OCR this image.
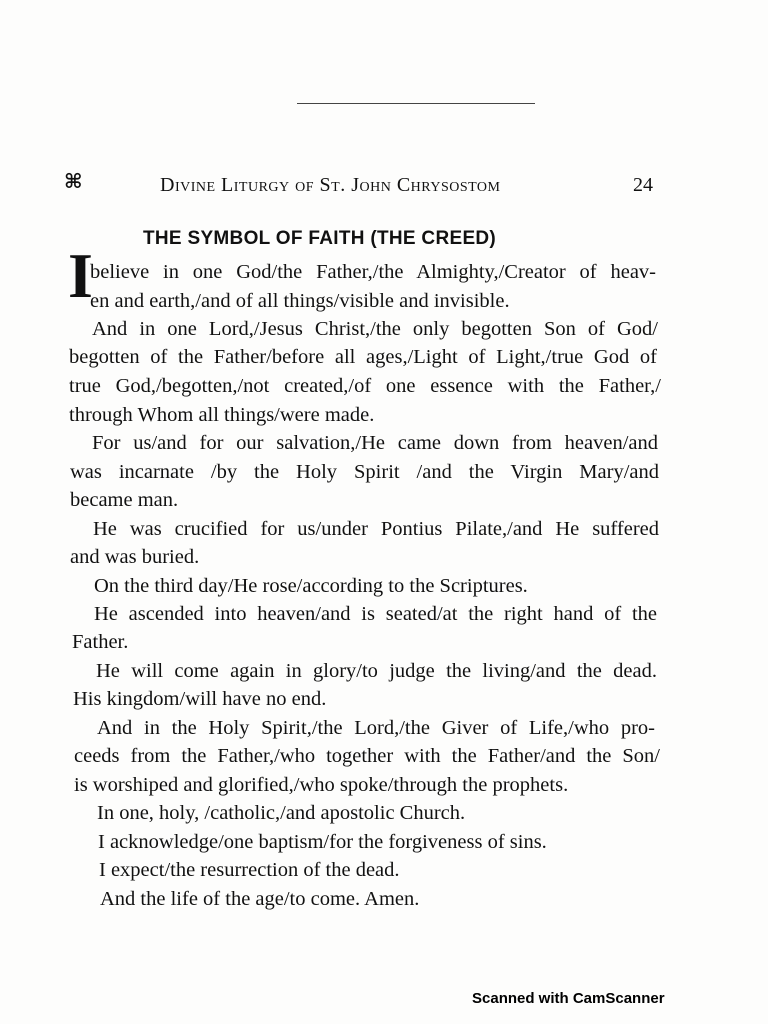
⌘	Divine Liturgy of St. John Chrysostom	24
THE SYMBOL OF FAITH (THE CREED)
I
believe in one God/the Father,/the Almighty,/Creator of heav-
en and earth,/and of all things/visible and invisible.
And in one Lord,/Jesus Christ,/the only begotten Son of God/
begotten of the Father/before all ages,/Light of Light,/true God of
true God,/begotten,/not created,/of one essence with the Father,/
through Whom all things/were made.
For us/and for our salvation,/He came down from heaven/and
was incarnate /by the Holy Spirit /and the Virgin Mary/and
became man.
He was crucified for us/under Pontius Pilate,/and He suffered
and was buried.
On the third day/He rose/according to the Scriptures.
He ascended into heaven/and is seated/at the right hand of the
Father.
He will come again in glory/to judge the living/and the dead.
His kingdom/will have no end.
And in the Holy Spirit,/the Lord,/the Giver of Life,/who pro-
ceeds from the Father,/who together with the Father/and the Son/
is worshiped and glorified,/who spoke/through the prophets.
In one, holy, /catholic,/and apostolic Church.
I acknowledge/one baptism/for the forgiveness of sins.
I expect/the resurrection of the dead.
And the life of the age/to come. Amen.
Scanned with CamScanner
